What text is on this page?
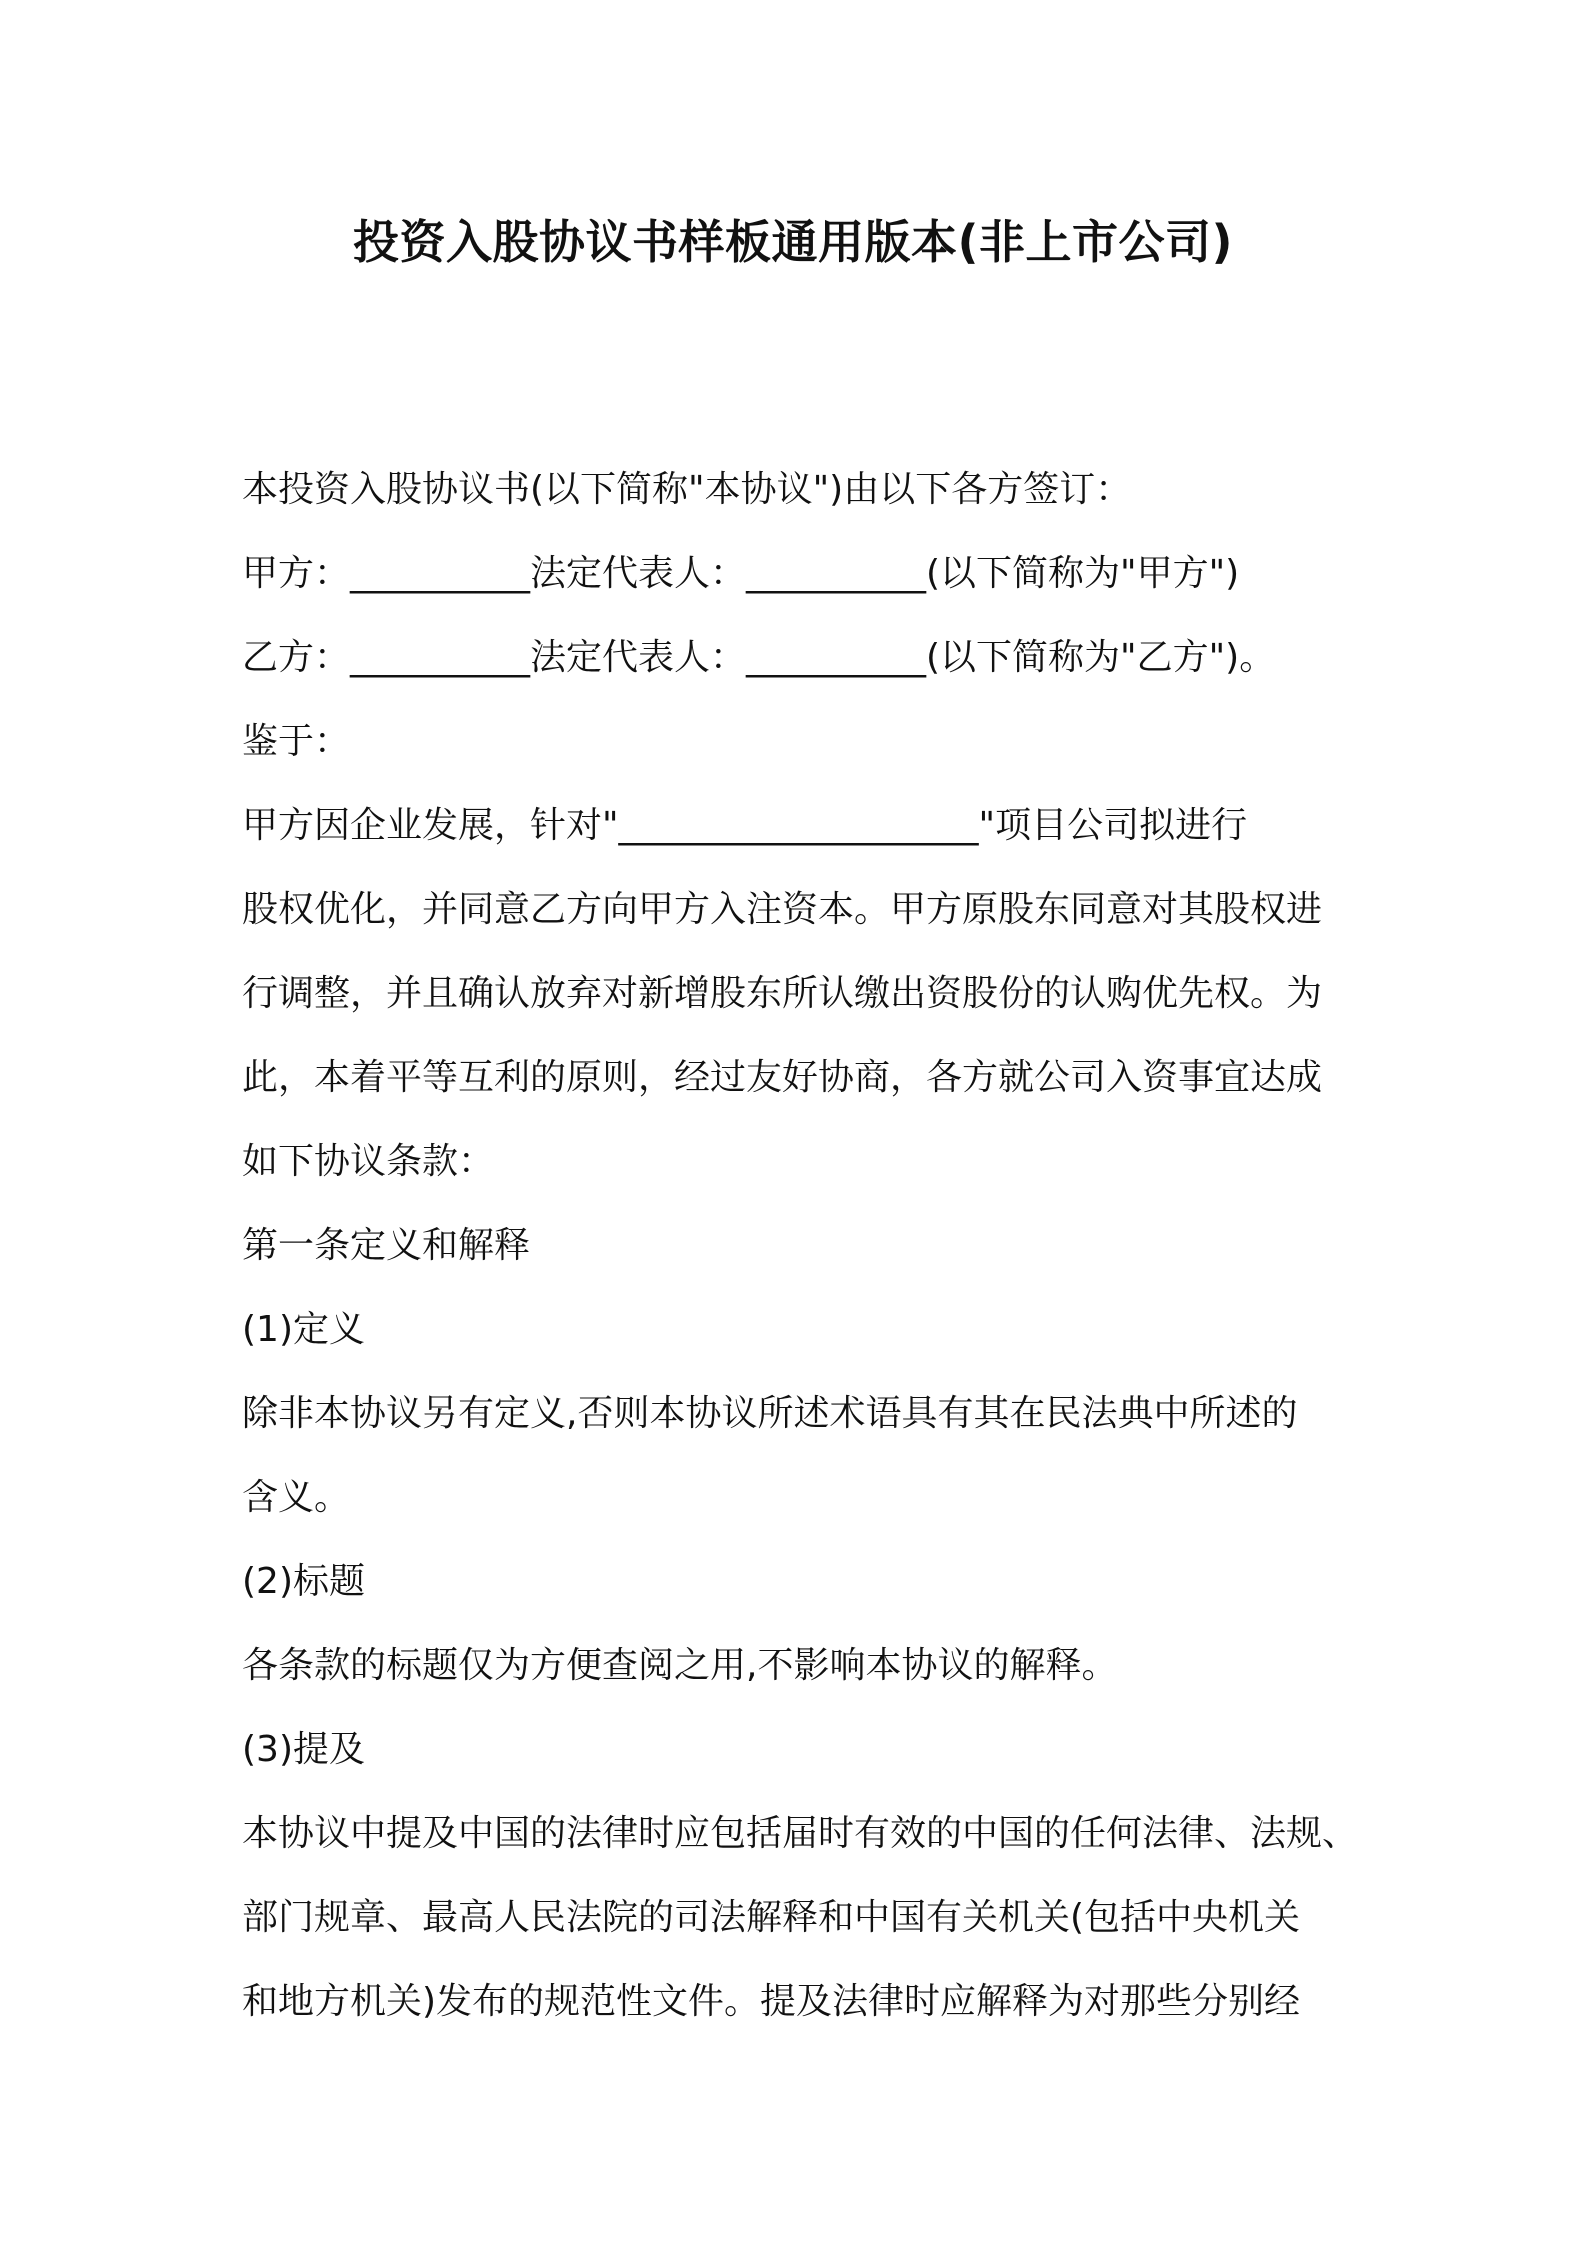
投资入股协议书样板通用版本(非上市公司)
本投资入股协议书(以下简称"本协议")由以下各方签订：
甲方：__________法定代表人：__________(以下简称为"甲方")
乙方：__________法定代表人：__________(以下简称为"乙方")。
鉴于：
甲方因企业发展，针对"____________________"项目公司拟进行
股权优化，并同意乙方向甲方入注资本。甲方原股东同意对其股权进
行调整，并且确认放弃对新增股东所认缴出资股份的认购优先权。为
此，本着平等互利的原则，经过友好协商，各方就公司入资事宜达成
如下协议条款：
第一条定义和解释
(1)定义
除非本协议另有定义,否则本协议所述术语具有其在民法典中所述的
含义。
(2)标题
各条款的标题仅为方便查阅之用,不影响本协议的解释。
(3)提及
本协议中提及中国的法律时应包括届时有效的中国的任何法律、法规、
部门规章、最高人民法院的司法解释和中国有关机关(包括中央机关
和地方机关)发布的规范性文件。提及法律时应解释为对那些分别经
